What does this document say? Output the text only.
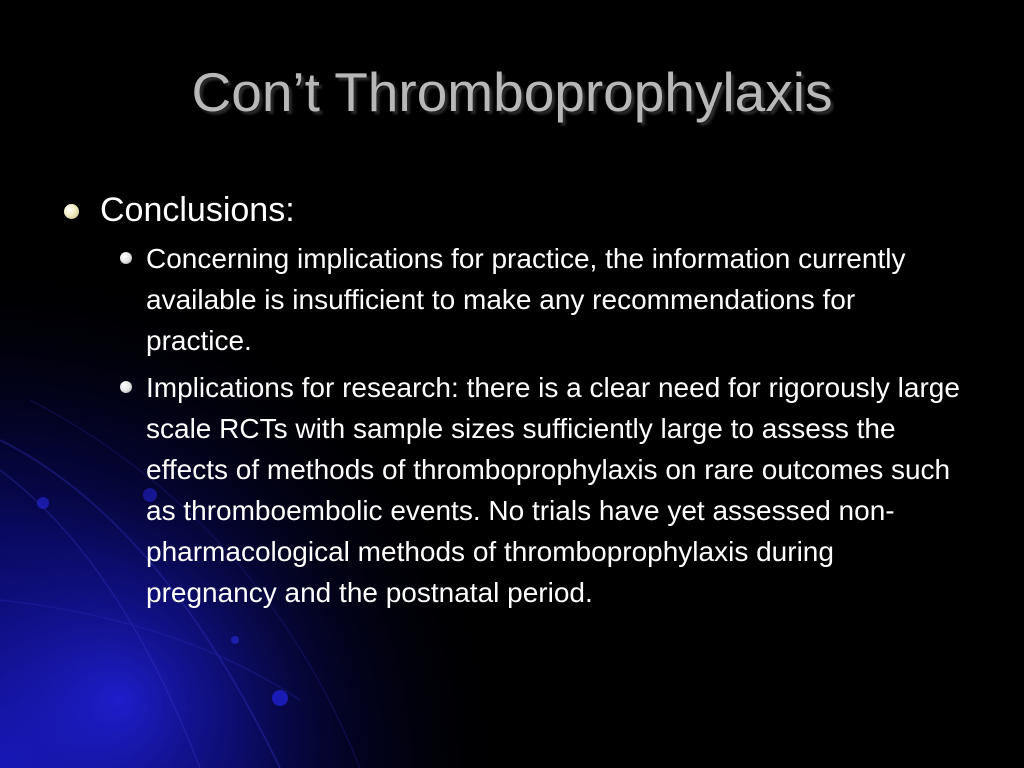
Con’t Thromboprophylaxis
Conclusions:
Concerning implications for practice, the information currently available is insufficient to make any recommendations for practice.
Implications for research: there is a clear need for rigorously large scale RCTs with sample sizes sufficiently large to assess the effects of methods of thromboprophylaxis on rare outcomes such as thromboembolic events. No trials have yet assessed non-pharmacological methods of thromboprophylaxis during pregnancy and the postnatal period.
